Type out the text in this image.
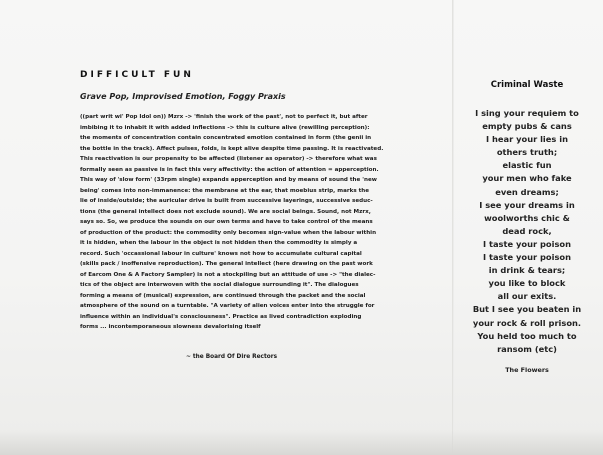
DIFFICULT FUN
Grave Pop, Improvised Emotion, Foggy Praxis
((part writ wi' Pop Idol on)) Mzrx -> 'finish the work of the past', not to perfect it, but after
imbibing it to inhabit it with added inflections -> this is culture alive (rewilling perception):
the moments of concentration contain concentrated emotion contained in form (the genii in
the bottle in the track). Affect pulses, folds, is kept alive despite time passing. It is reactivated.
This reactivation is our propensity to be affected (listener as operator) -> therefore what was
formally seen as passive is in fact this very affectivity: the action of attention = apperception.
This way of 'slow form' (33rpm single) expands apperception and by means of sound the 'new
being' comes into non-immanence: the membrane at the ear, that moebius strip, marks the
lie of inside/outside; the auricular drive is built from successive layerings, successive seduc-
tions (the general intellect does not exclude sound). We are social beings. Sound, not Mzrx,
says so. So, we produce the sounds on our own terms and have to take control of the means
of production of the product: the commodity only becomes sign-value when the labour within
it is hidden, when the labour in the object is not hidden then the commodity is simply a
record. Such 'occassional labour in culture' knows not how to accumulate cultural capital
(skills pack / inoffensive reproduction). The general intellect (here drawing on the past work
of Earcom One & A Factory Sampler) is not a stockpiling but an attitude of use -> "the dialec-
tics of the object are interwoven with the social dialogue surrounding it". The dialogues
forming a means of (musical) expression, are continued through the packet and the social
atmosphere of the sound on a turntable. "A variety of alien voices enter into the struggle for
influence within an individual's consciousness". Practice as lived contradiction exploding
forms ... incontemporaneous slowness devalorising itself
~ the Board Of Dire Rectors
Criminal Waste
I sing your requiem to
empty pubs & cans
I hear your lies in
others truth;
elastic fun
your men who fake
even dreams;
I see your dreams in
woolworths chic &
dead rock,
I taste your poison
I taste your poison
in drink & tears;
you like to block
all our exits.
But I see you beaten in
your rock & roll prison.
You held too much to
ransom (etc)
The Flowers
